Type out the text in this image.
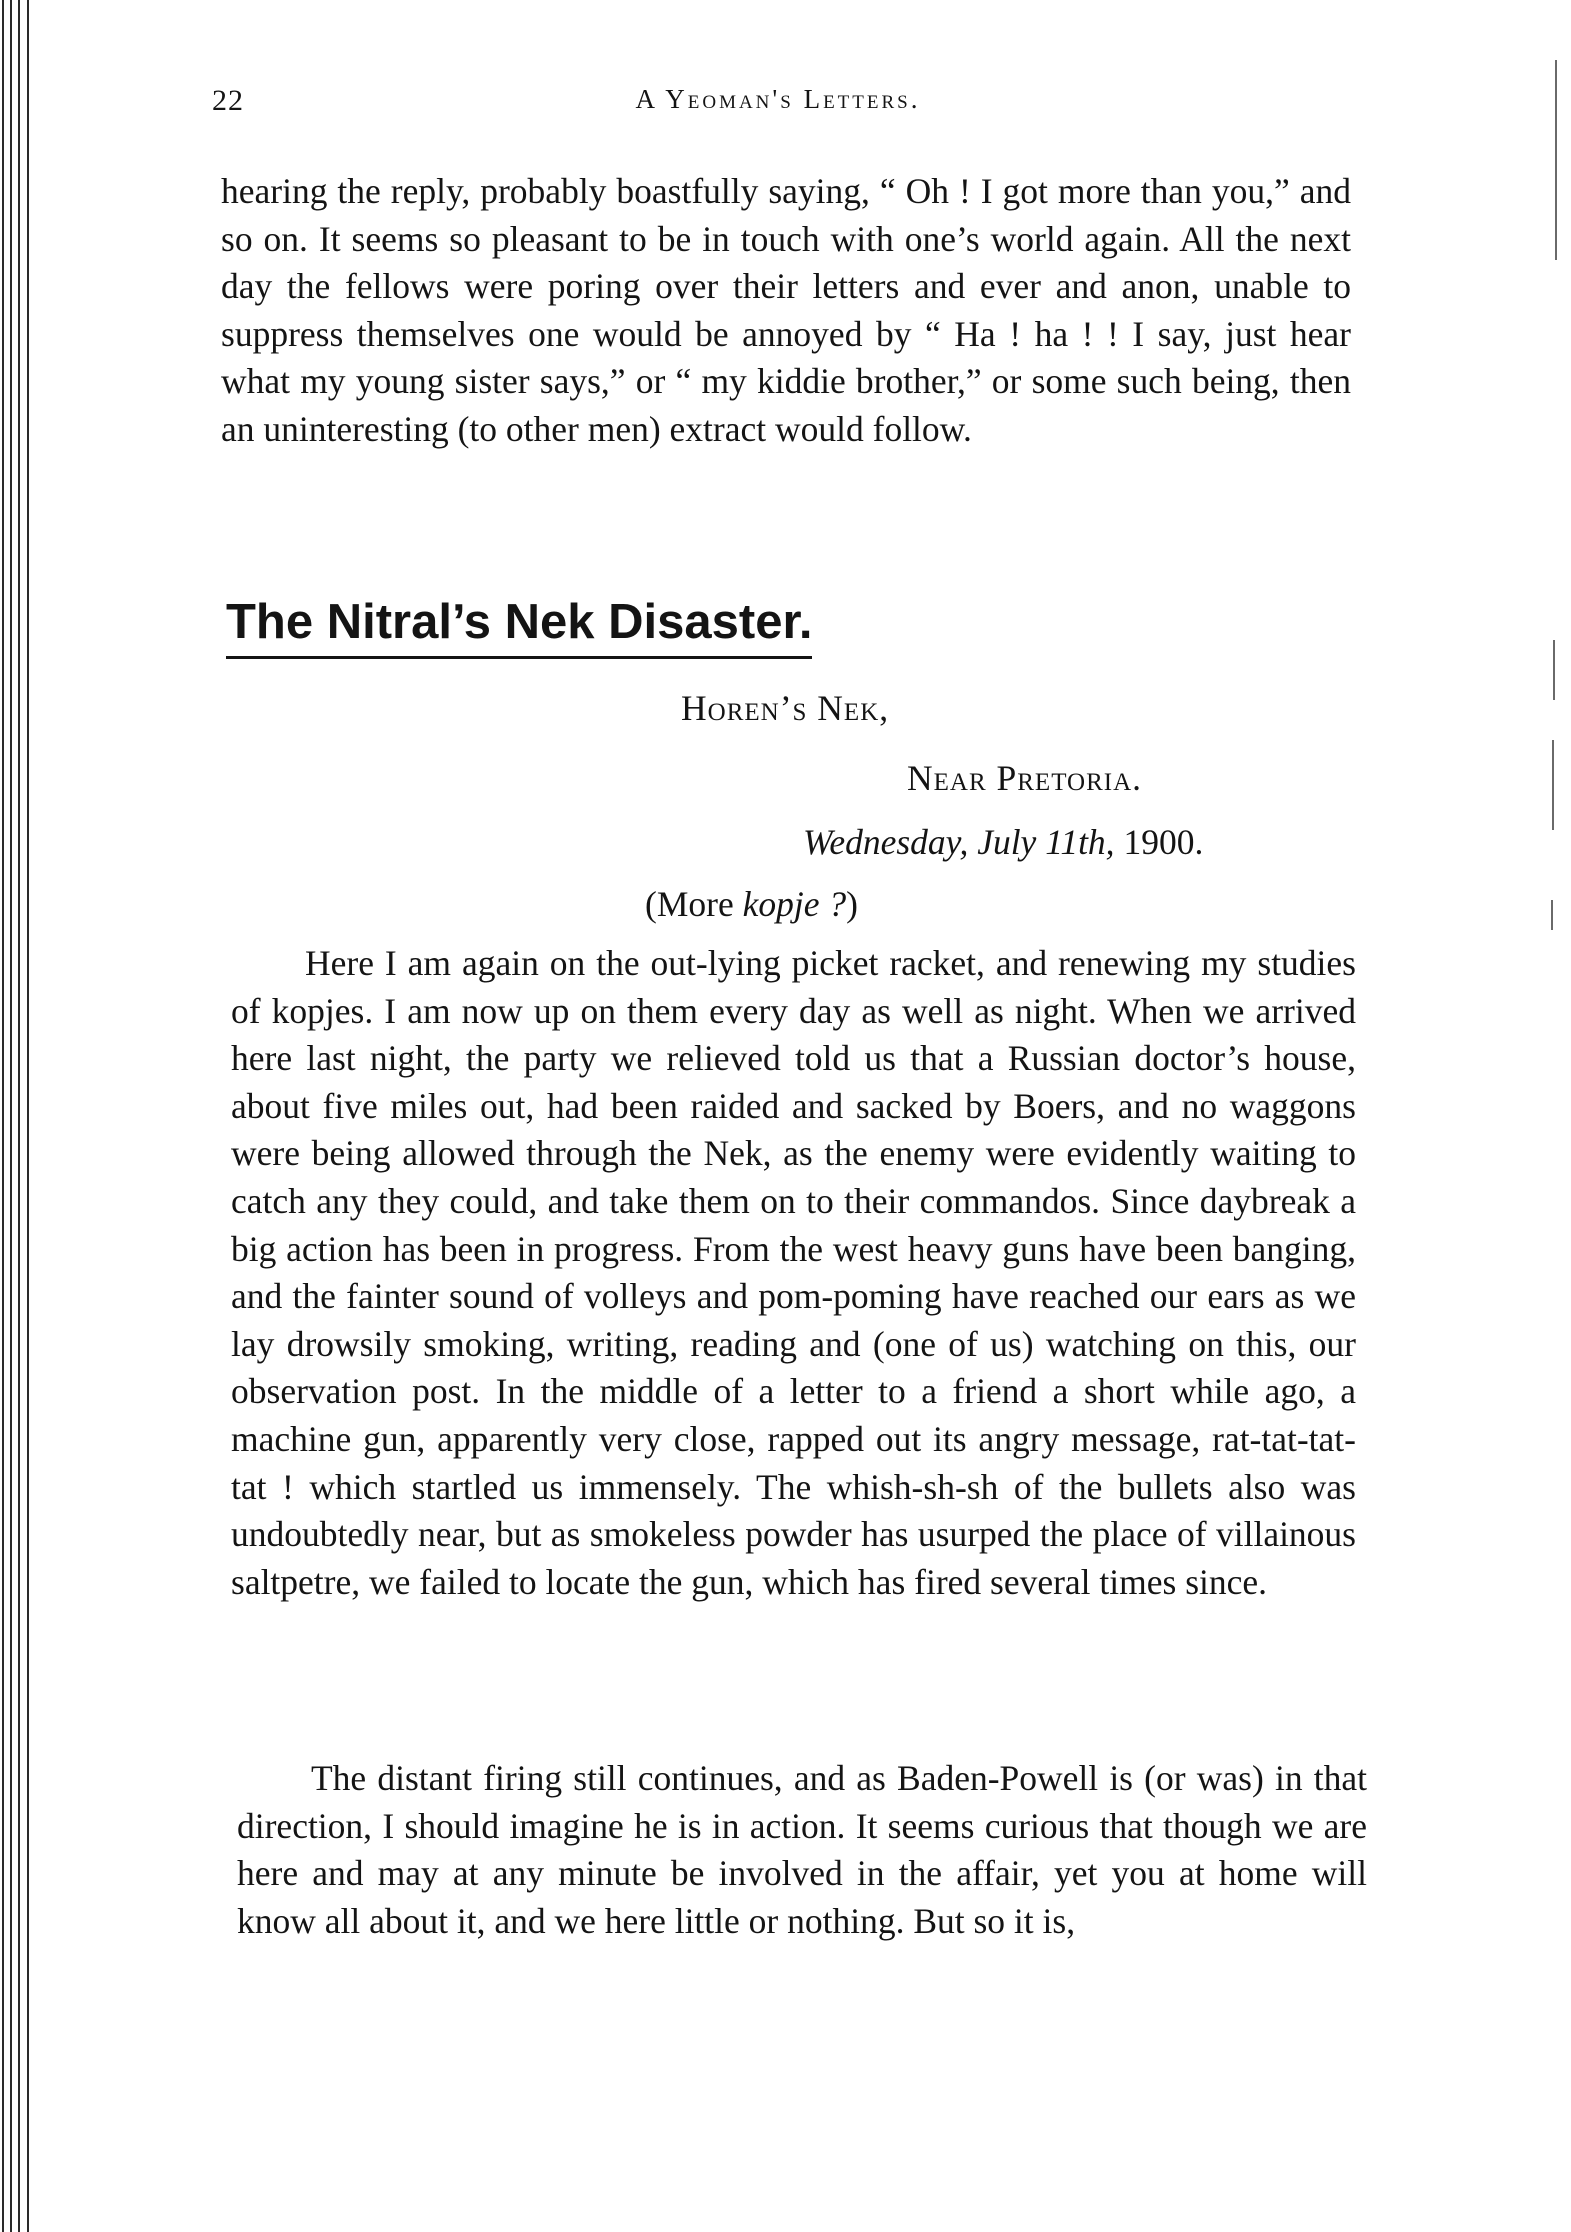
22	A Yeoman's Letters.
hearing the reply, probably boastfully saying, “ Oh ! I got more than you,” and so on. It seems so pleasant to be in touch with one’s world again. All the next day the fellows were poring over their letters and ever and anon, unable to suppress themselves one would be annoyed by “ Ha ! ha ! ! I say, just hear what my young sister says,” or “ my kiddie brother,” or some such being, then an uninteresting (to other men) extract would follow.
The Nitral’s Nek Disaster.
Horen’s Nek,
Near Pretoria.
Wednesday, July 11th, 1900.
(More kopje ?)
Here I am again on the out-lying picket racket, and renewing my studies of kopjes. I am now up on them every day as well as night. When we arrived here last night, the party we relieved told us that a Russian doctor’s house, about five miles out, had been raided and sacked by Boers, and no waggons were being allowed through the Nek, as the enemy were evidently waiting to catch any they could, and take them on to their commandos. Since daybreak a big action has been in progress. From the west heavy guns have been banging, and the fainter sound of volleys and pom-poming have reached our ears as we lay drowsily smoking, writing, reading and (one of us) watching on this, our observation post. In the middle of a letter to a friend a short while ago, a machine gun, apparently very close, rapped out its angry message, rat-tat-tat-tat ! which startled us immensely. The whish-sh-sh of the bullets also was undoubtedly near, but as smokeless powder has usurped the place of villainous saltpetre, we failed to locate the gun, which has fired several times since.
The distant firing still continues, and as Baden-Powell is (or was) in that direction, I should imagine he is in action. It seems curious that though we are here and may at any minute be involved in the affair, yet you at home will know all about it, and we here little or nothing. But so it is,
